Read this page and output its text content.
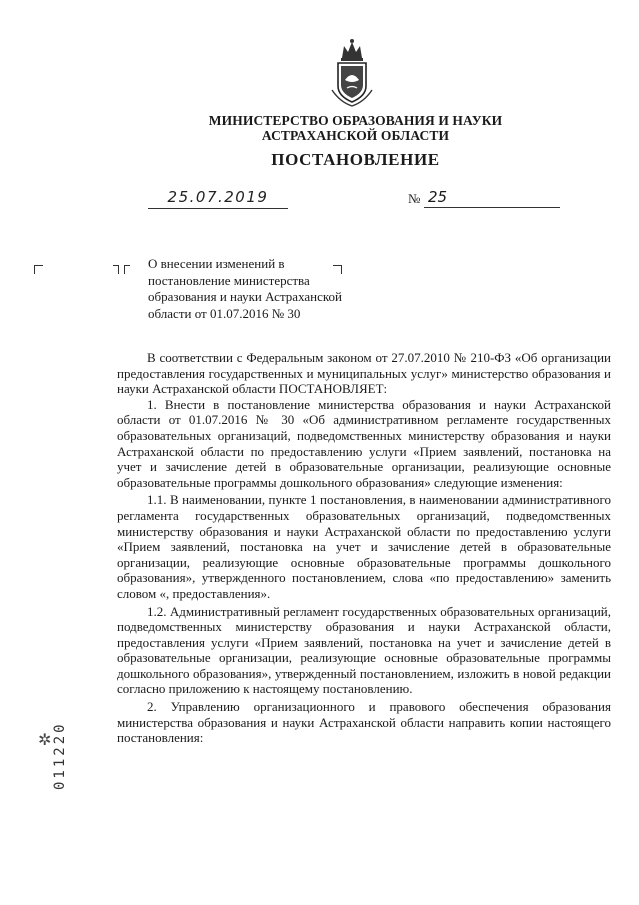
МИНИСТЕРСТВО ОБРАЗОВАНИЯ И НАУКИ
АСТРАХАНСКОЙ ОБЛАСТИ
ПОСТАНОВЛЕНИЕ
25.07.2019	№ 25
О внесении изменений в
постановление министерства
образования и науки Астраханской
области от 01.07.2016 № 30

В соответствии с Федеральным законом от 27.07.2010 № 210-ФЗ «Об организации предоставления государственных и муниципальных услуг» министерство образования и науки Астраханской области ПОСТАНОВЛЯЕТ:

1. Внести в постановление министерства образования и науки Астраханской области от 01.07.2016 № 30 «Об административном регламенте государственных образовательных организаций, подведомственных министерству образования и науки Астраханской области по предоставлению услуги «Прием заявлений, постановка на учет и зачисление детей в образовательные организации, реализующие основные образовательные программы дошкольного образования» следующие изменения:

1.1. В наименовании, пункте 1 постановления, в наименовании административного регламента государственных образовательных организаций, подведомственных министерству образования и науки Астраханской области по предоставлению услуги «Прием заявлений, постановка на учет и зачисление детей в образовательные организации, реализующие основные образовательные программы дошкольного образования», утвержденного постановлением, слова «по предоставлению» заменить словом «, предоставления».

1.2. Административный регламент государственных образовательных организаций, подведомственных министерству образования и науки Астраханской области, предоставления услуги «Прием заявлений, постановка на учет и зачисление детей в образовательные организации, реализующие основные образовательные программы дошкольного образования», утвержденный постановлением, изложить в новой редакции согласно приложению к настоящему постановлению.

2. Управлению организационного и правового обеспечения образования министерства образования и науки Астраханской области направить копии настоящего постановления:

✲ 011220
